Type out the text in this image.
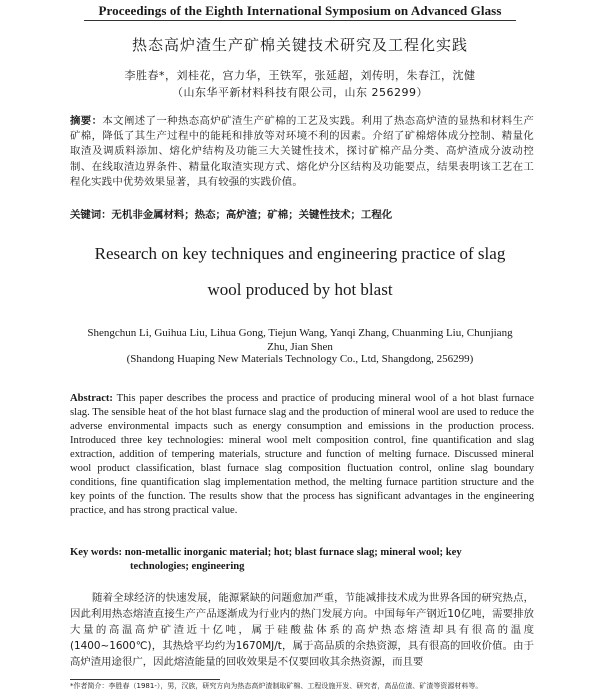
Proceedings of the Eighth International Symposium on Advanced Glass
热态高炉渣生产矿棉关键技术研究及工程化实践
李胜春*，刘桂花，宫力华，王铁军，张延超，刘传明，朱春江，沈健
（山东华平新材料科技有限公司，山东 256299）
摘要：本文阐述了一种热态高炉矿渣生产矿棉的工艺及实践。利用了热态高炉渣的显热和材料生产矿棉，降低了其生产过程中的能耗和排放等对环境不利的因素。介绍了矿棉熔体成分控制、精量化取渣及调质料添加、熔化炉结构及功能三大关键性技术，探讨矿棉产品分类、高炉渣成分波动控制、在线取渣边界条件、精量化取渣实现方式、熔化炉分区结构及功能要点，结果表明该工艺在工程化实践中优势效果显著，具有较强的实践价值。
关键词：无机非金属材料；热态；高炉渣；矿棉；关键性技术；工程化
Research on key techniques and engineering practice of slag
wool produced by hot blast
Shengchun Li, Guihua Liu, Lihua Gong, Tiejun Wang, Yanqi Zhang, Chuanming Liu, Chunjiang
Zhu, Jian Shen
(Shandong Huaping New Materials Technology Co., Ltd, Shangdong, 256299)
Abstract: This paper describes the process and practice of producing mineral wool of a hot blast furnace slag. The sensible heat of the hot blast furnace slag and the production of mineral wool are used to reduce the adverse environmental impacts such as energy consumption and emissions in the production process. Introduced three key technologies: mineral wool melt composition control, fine quantification and slag extraction, addition of tempering materials, structure and function of melting furnace. Discussed mineral wool product classification, blast furnace slag composition fluctuation control, online slag boundary conditions, fine quantification slag implementation method, the melting furnace partition structure and the key points of the function. The results show that the process has significant advantages in the engineering practice, and has strong practical value.
Key words: non-metallic inorganic material; hot; blast furnace slag; mineral wool; key
technologies; engineering
随着全球经济的快速发展，能源紧缺的问题愈加严重，节能减排技术成为世界各国的研究热点，因此利用热态熔渣直接生产产品逐渐成为行业内的热门发展方向。中国每年产钢近10亿吨，需要排放大量的高温高炉矿渣近十亿吨，属于硅酸盐体系的高炉热态熔渣却具有很高的温度(1400~1600℃)，其热焓平均约为1670MJ/t，属于高品质的余热资源，具有很高的回收价值。由于高炉渣用途很广，因此熔渣能量的回收效果是不仅要回收其余热资源，而且要
*作者简介：李胜春（1981-），男，汉族，研究方向为热态高炉渣制取矿棉、工程设施开发、研究者，高品位渣、矿渣等资源材料等。
